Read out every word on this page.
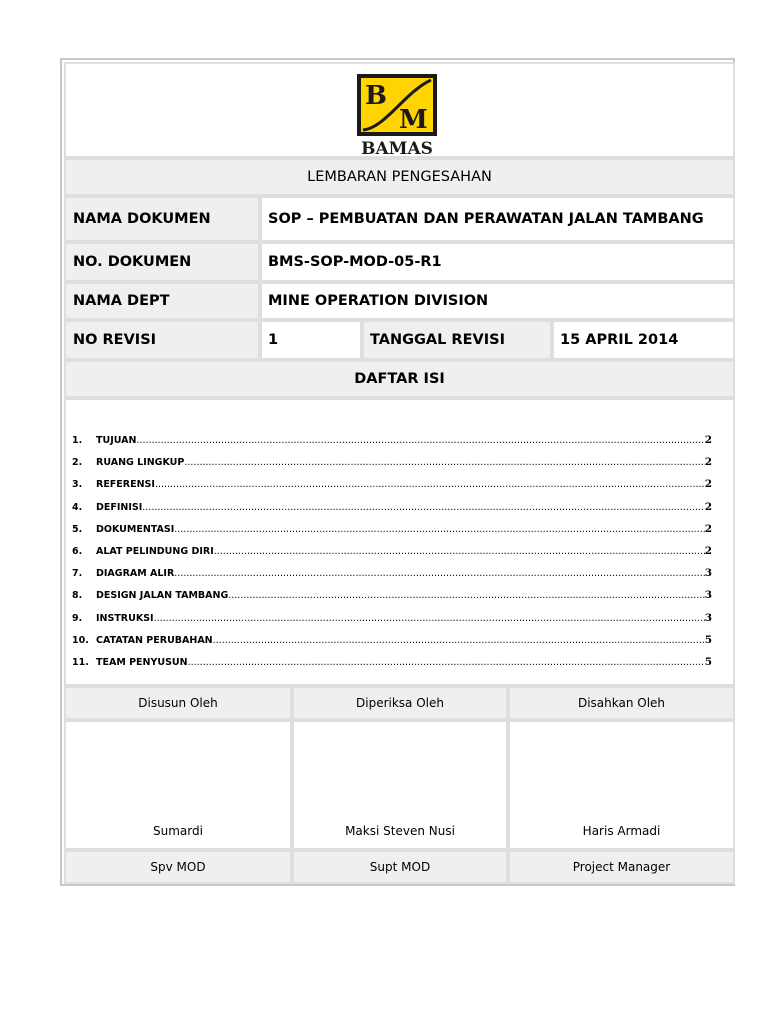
B
M
BAMAS
LEMBARAN PENGESAHAN
NAMA DOKUMEN	SOP – PEMBUATAN DAN PERAWATAN JALAN TAMBANG
NO. DOKUMEN	BMS-SOP-MOD-05-R1
NAMA DEPT	MINE OPERATION DIVISION
NO REVISI	1	TANGGAL REVISI	15 APRIL 2014
DAFTAR ISI
1.	TUJUAN .....	2
2.	RUANG LINGKUP .....	2
3.	REFERENSI .....	2
4.	DEFINISI .....	2
5.	DOKUMENTASI .....	2
6.	ALAT PELINDUNG DIRI .....	2
7.	DIAGRAM ALIR .....	3
8.	DESIGN JALAN TAMBANG .....	3
9.	INSTRUKSI .....	3
10. CATATAN PERUBAHAN .....	5
11. TEAM PENYUSUN .....	5
Disusun Oleh	Diperiksa Oleh	Disahkan Oleh
Sumardi	Maksi Steven Nusi	Haris Armadi
Spv MOD	Supt MOD	Project Manager
